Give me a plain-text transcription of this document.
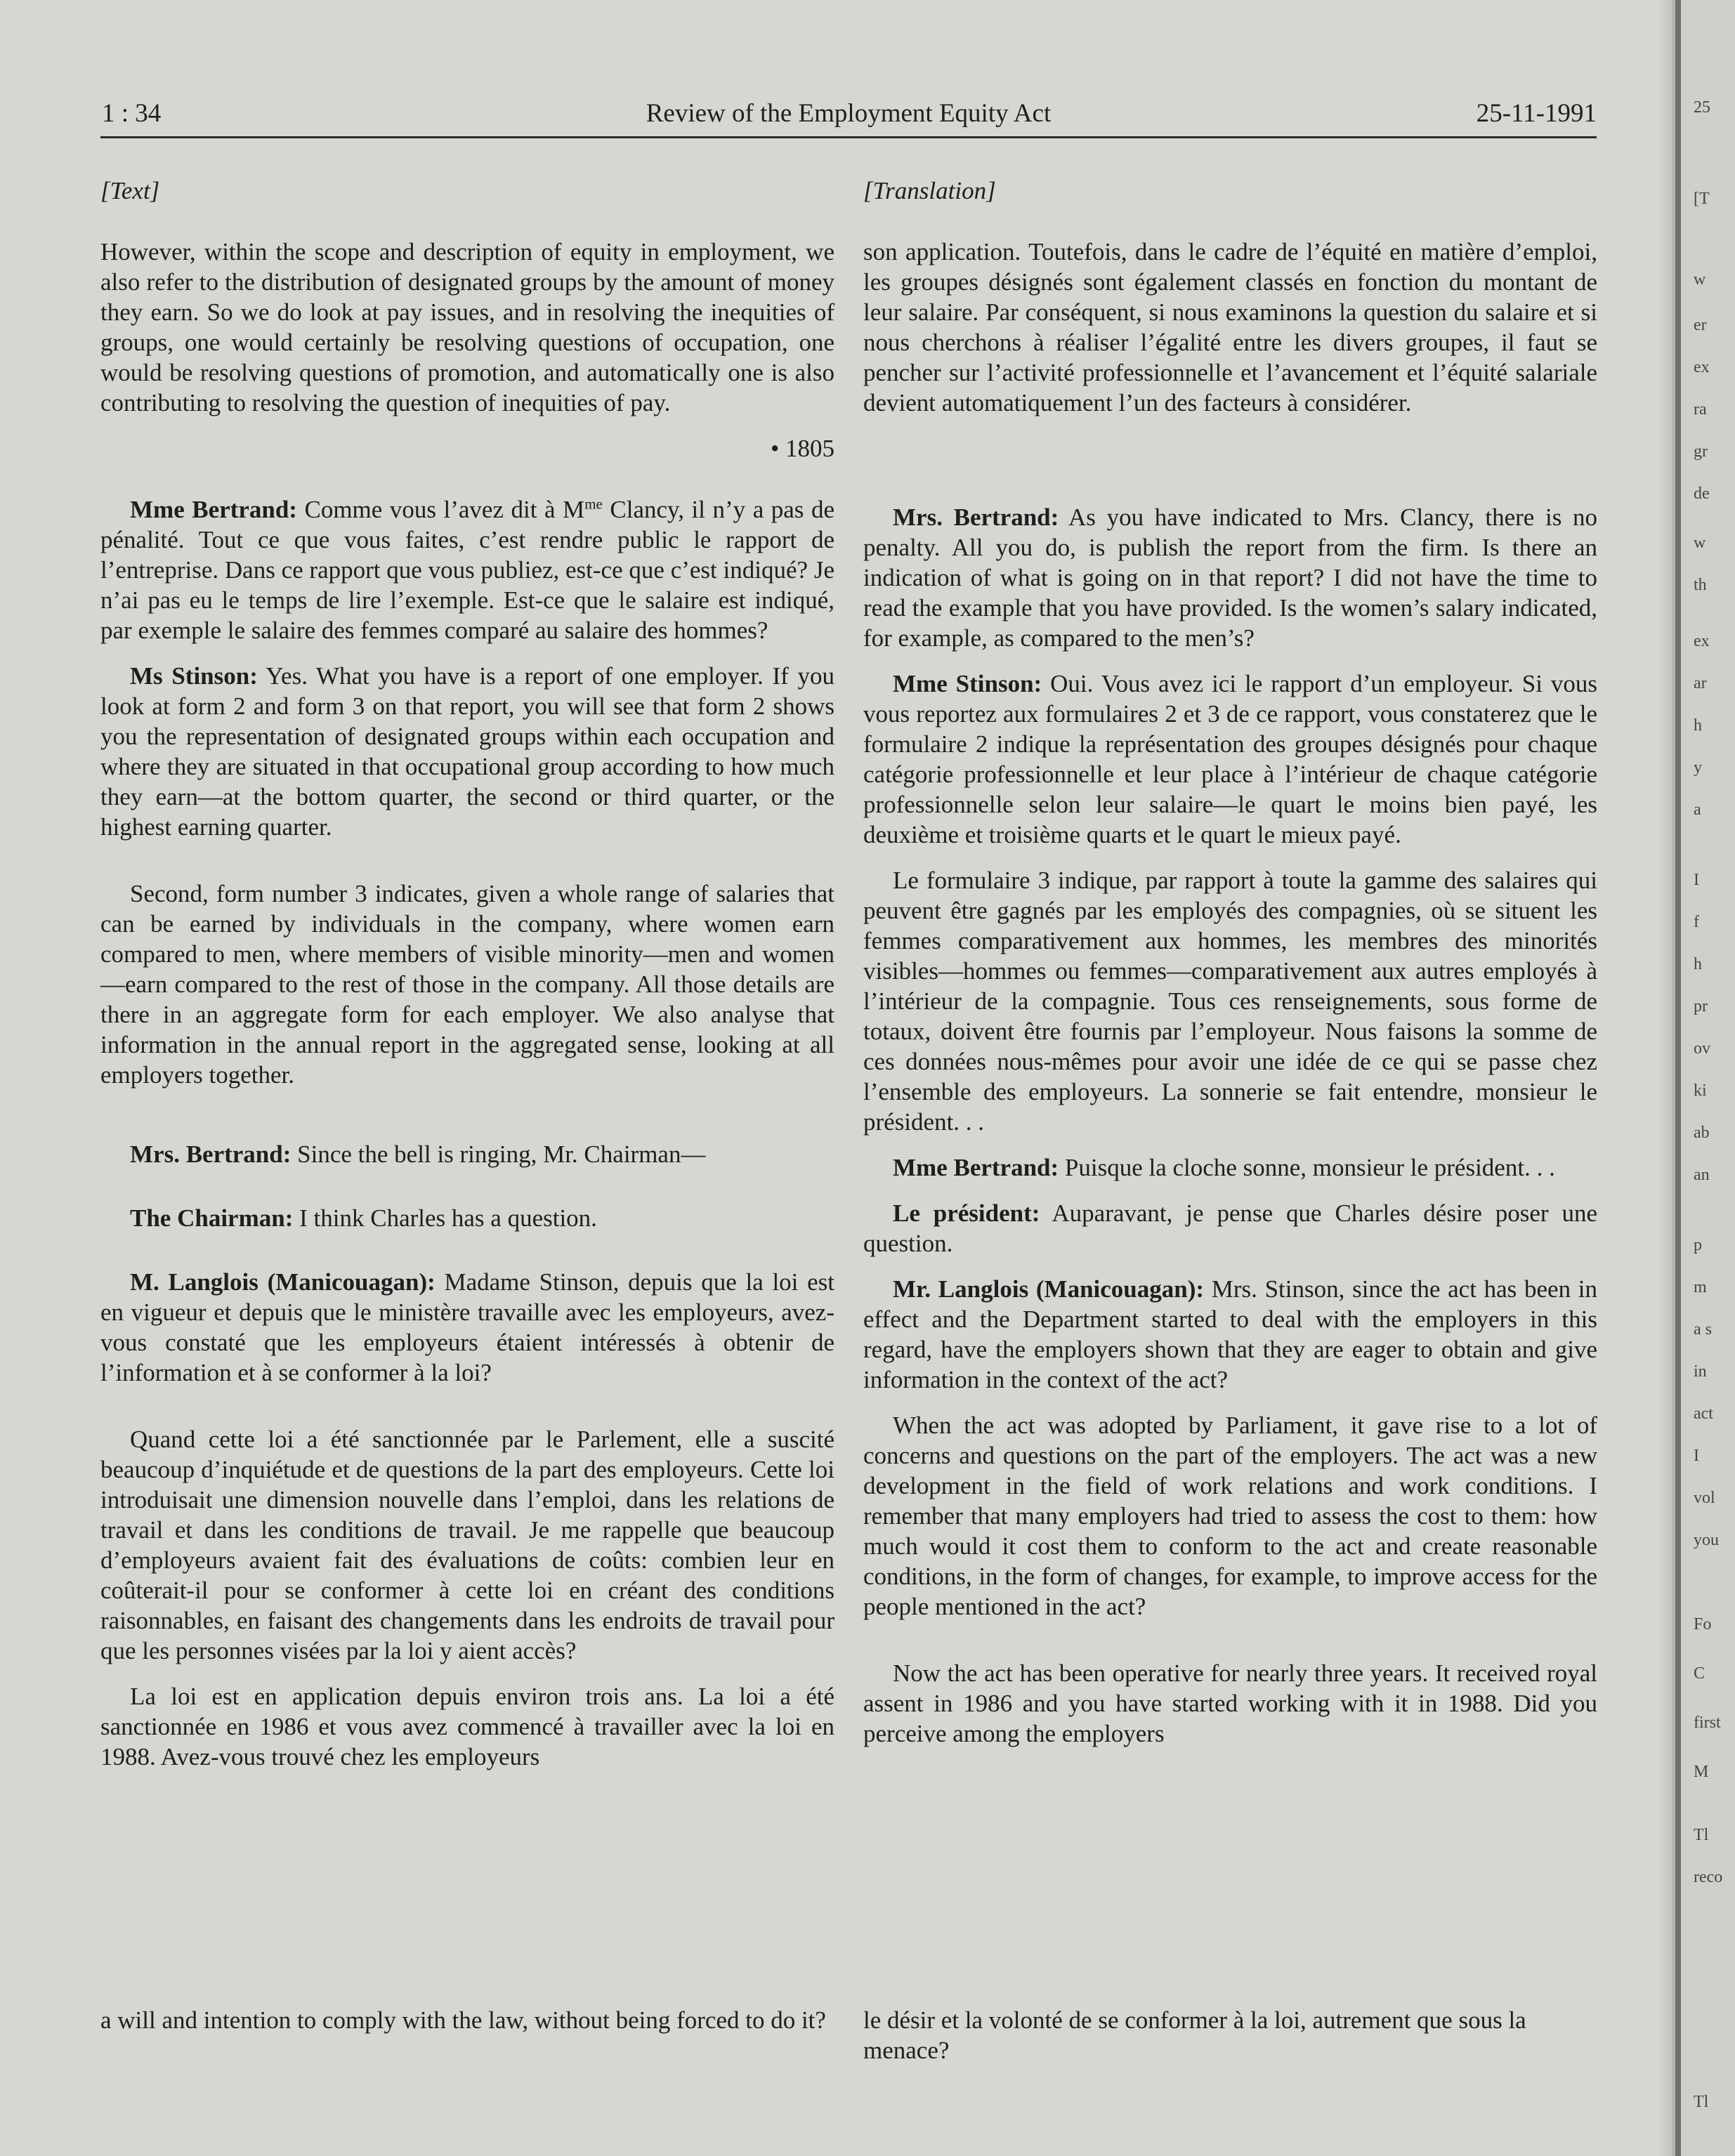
1 : 34	Review of the Employment Equity Act	25-11-1991
[Text]

However, within the scope and description of equity in employment, we also refer to the distribution of designated groups by the amount of money they earn. So we do look at pay issues, and in resolving the inequities of groups, one would certainly be resolving questions of occupation, one would be resolving questions of promotion, and automatically one is also contributing to resolving the question of inequities of pay.

• 1805

Mme Bertrand: Comme vous l’avez dit à $M^{me}$ Clancy, il n’y a pas de pénalité. Tout ce que vous faites, c’est rendre public le rapport de l’entreprise. Dans ce rapport que vous publiez, est-ce que c’est indiqué? Je n’ai pas eu le temps de lire l’exemple. Est-ce que le salaire est indiqué, par exemple le salaire des femmes comparé au salaire des hommes?

Ms Stinson: Yes. What you have is a report of one employer. If you look at form 2 and form 3 on that report, you will see that form 2 shows you the representation of designated groups within each occupation and where they are situated in that occupational group according to how much they earn—at the bottom quarter, the second or third quarter, or the highest earning quarter.

Second, form number 3 indicates, given a whole range of salaries that can be earned by individuals in the company, where women earn compared to men, where members of visible minority—men and women—earn compared to the rest of those in the company. All those details are there in an aggregate form for each employer. We also analyse that information in the annual report in the aggregated sense, looking at all employers together.

Mrs. Bertrand: Since the bell is ringing, Mr. Chairman—

The Chairman: I think Charles has a question.

M. Langlois (Manicouagan): Madame Stinson, depuis que la loi est en vigueur et depuis que le ministère travaille avec les employeurs, avez-vous constaté que les employeurs étaient intéressés à obtenir de l’information et à se conformer à la loi?

Quand cette loi a été sanctionnée par le Parlement, elle a suscité beaucoup d’inquiétude et de questions de la part des employeurs. Cette loi introduisait une dimension nouvelle dans l’emploi, dans les relations de travail et dans les conditions de travail. Je me rappelle que beaucoup d’employeurs avaient fait des évaluations de coûts: combien leur en coûterait-il pour se conformer à cette loi en créant des conditions raisonnables, en faisant des changements dans les endroits de travail pour que les personnes visées par la loi y aient accès?

La loi est en application depuis environ trois ans. La loi a été sanctionnée en 1986 et vous avez commencé à travailler avec la loi en 1988. Avez-vous trouvé chez les employeurs

a will and intention to comply with the law, without being forced to do it?
[Translation]

son application. Toutefois, dans le cadre de l’équité en matière d’emploi, les groupes désignés sont également classés en fonction du montant de leur salaire. Par conséquent, si nous examinons la question du salaire et si nous cherchons à réaliser l’égalité entre les divers groupes, il faut se pencher sur l’activité professionnelle et l’avancement et l’équité salariale devient automatiquement l’un des facteurs à considérer.

Mrs. Bertrand: As you have indicated to Mrs. Clancy, there is no penalty. All you do, is publish the report from the firm. Is there an indication of what is going on in that report? I did not have the time to read the example that you have provided. Is the women’s salary indicated, for example, as compared to the men’s?

Mme Stinson: Oui. Vous avez ici le rapport d’un employeur. Si vous vous reportez aux formulaires 2 et 3 de ce rapport, vous constaterez que le formulaire 2 indique la représentation des groupes désignés pour chaque catégorie professionnelle et leur place à l’intérieur de chaque catégorie professionnelle selon leur salaire—le quart le moins bien payé, les deuxième et troisième quarts et le quart le mieux payé.

Le formulaire 3 indique, par rapport à toute la gamme des salaires qui peuvent être gagnés par les employés des compagnies, où se situent les femmes comparativement aux hommes, les membres des minorités visibles—hommes ou femmes—comparativement aux autres employés à l’intérieur de la compagnie. Tous ces renseignements, sous forme de totaux, doivent être fournis par l’employeur. Nous faisons la somme de ces données nous-mêmes pour avoir une idée de ce qui se passe chez l’ensemble des employeurs. La sonnerie se fait entendre, monsieur le président. . .

Mme Bertrand: Puisque la cloche sonne, monsieur le président. . .

Le président: Auparavant, je pense que Charles désire poser une question.

Mr. Langlois (Manicouagan): Mrs. Stinson, since the act has been in effect and the Department started to deal with the employers in this regard, have the employers shown that they are eager to obtain and give information in the context of the act?

When the act was adopted by Parliament, it gave rise to a lot of concerns and questions on the part of the employers. The act was a new development in the field of work relations and work conditions. I remember that many employers had tried to assess the cost to them: how much would it cost them to conform to the act and create reasonable conditions, in the form of changes, for example, to improve access for the people mentioned in the act?

Now the act has been operative for nearly three years. It received royal assent in 1986 and you have started working with it in 1988. Did you perceive among the employers

le désir et la volonté de se conformer à la loi, autrement que sous la menace?
25
[T
w
er
ex
ra
gr
de
w
th
ex
ar
h
y
a
I
f
h
pr
ov
ki
ab
an
p
m
a s
in
act
I
vol
you
Fo
C
first
M
Tl
reco
Tl
